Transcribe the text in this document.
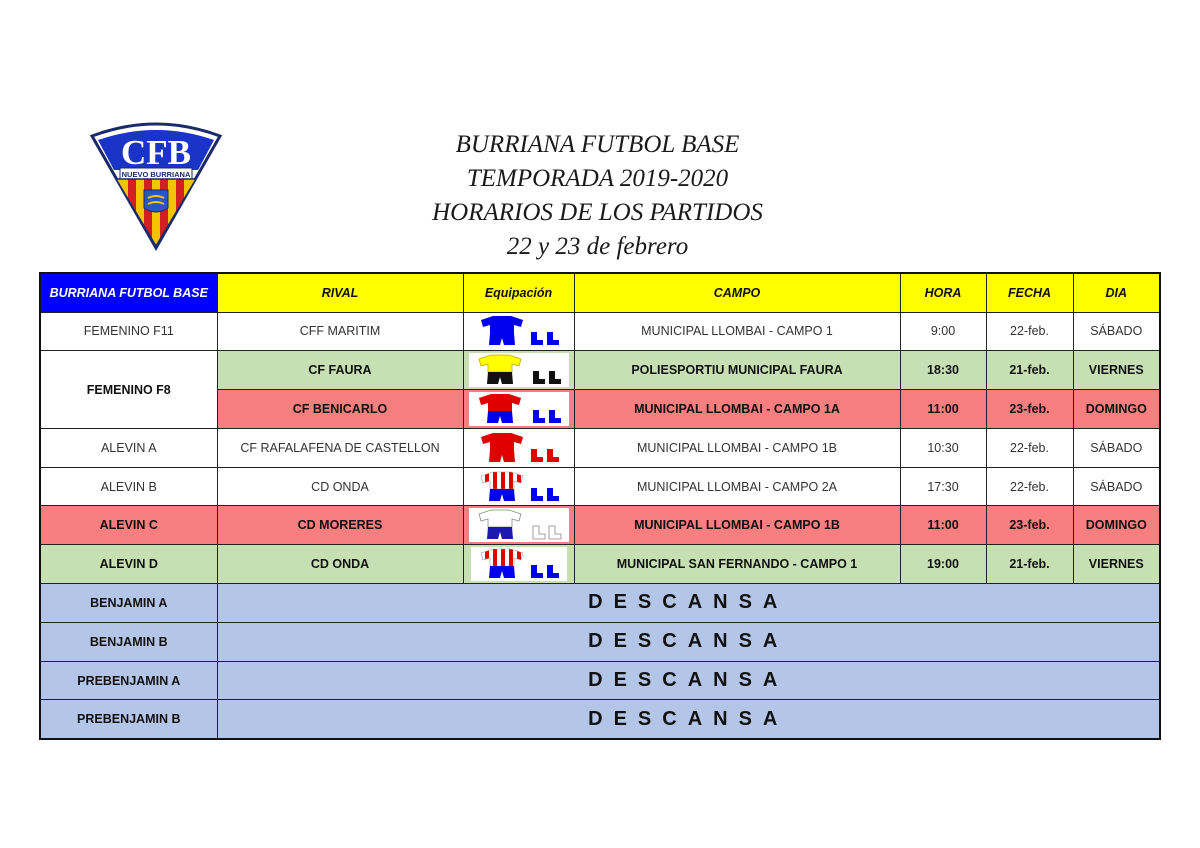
CFB
NUEVO BURRIANA
BURRIANA FUTBOL BASE
TEMPORADA 2019-2020
HORARIOS DE LOS PARTIDOS
22 y 23 de febrero
BURRIANA FUTBOL BASE	RIVAL	Equipación	CAMPO	HORA	FECHA	DIA
FEMENINO F11	CFF MARITIM		MUNICIPAL LLOMBAI - CAMPO 1	9:00	22-feb.	SÁBADO
FEMENINO F8	CF FAURA		POLIESPORTIU MUNICIPAL FAURA	18:30	21-feb.	VIERNES
	CF BENICARLO		MUNICIPAL LLOMBAI - CAMPO 1A	11:00	23-feb.	DOMINGO
ALEVIN A	CF RAFALAFENA DE CASTELLON		MUNICIPAL LLOMBAI - CAMPO 1B	10:30	22-feb.	SÁBADO
ALEVIN B	CD ONDA		MUNICIPAL LLOMBAI - CAMPO 2A	17:30	22-feb.	SÁBADO
ALEVIN C	CD MORERES		MUNICIPAL LLOMBAI - CAMPO 1B	11:00	23-feb.	DOMINGO
ALEVIN D	CD ONDA		MUNICIPAL SAN FERNANDO - CAMPO 1	19:00	21-feb.	VIERNES
BENJAMIN A	DESCANSA					
BENJAMIN B	DESCANSA					
PREBENJAMIN A	DESCANSA					
PREBENJAMIN B	DESCANSA					
